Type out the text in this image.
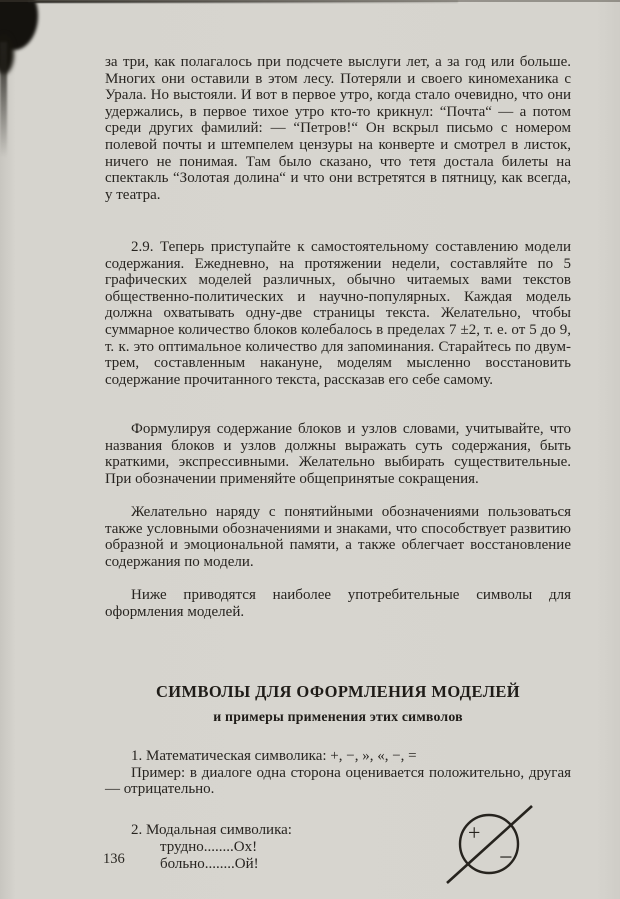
за три, как полагалось при подсчете выслуги лет, а за год или больше. Многих они оставили в этом лесу. Потеряли и своего киномеханика с Урала. Но выстояли. И вот в первое утро, когда стало очевидно, что они удержались, в первое тихое утро кто-то крикнул: “Почта“ — а потом среди других фамилий: — “Петров!“ Он вскрыл письмо с номером полевой почты и штемпелем цензуры на конверте и смотрел в листок, ничего не понимая. Там было сказано, что тетя достала билеты на спектакль “Золотая долина“ и что они встретятся в пятницу, как всегда, у театра.

2.9. Теперь приступайте к самостоятельному составлению модели содержания. Ежедневно, на протяжении недели, составляйте по 5 графических моделей различных, обычно читаемых вами текстов общественно-политических и научно-популярных. Каждая модель должна охватывать одну-две страницы текста. Желательно, чтобы суммарное количество блоков колебалось в пределах 7 ±2, т. е. от 5 до 9, т. к. это оптимальное количество для запоминания. Старайтесь по двум-трем, составленным накануне, моделям мысленно восстановить содержание прочитанного текста, рассказав его себе самому.

Формулируя содержание блоков и узлов словами, учитывайте, что названия блоков и узлов должны выражать суть содержания, быть краткими, экспрессивными. Желательно выбирать существительные. При обозначении применяйте общепринятые сокращения.

Желательно наряду с понятийными обозначениями пользоваться также условными обозначениями и знаками, что способствует развитию образной и эмоциональной памяти, а также облегчает восстановление содержания по модели.

Ниже приводятся наиболее употребительные символы для оформления моделей.

СИМВОЛЫ ДЛЯ ОФОРМЛЕНИЯ МОДЕЛЕЙ
и примеры применения этих символов

1. Математическая символика: +, −, », «, −, =

Пример: в диалоге одна сторона оценивается положительно, другая — отрицательно.

2. Модальная символика:

трудно........Ох!

больно........Ой!

+
−
136
